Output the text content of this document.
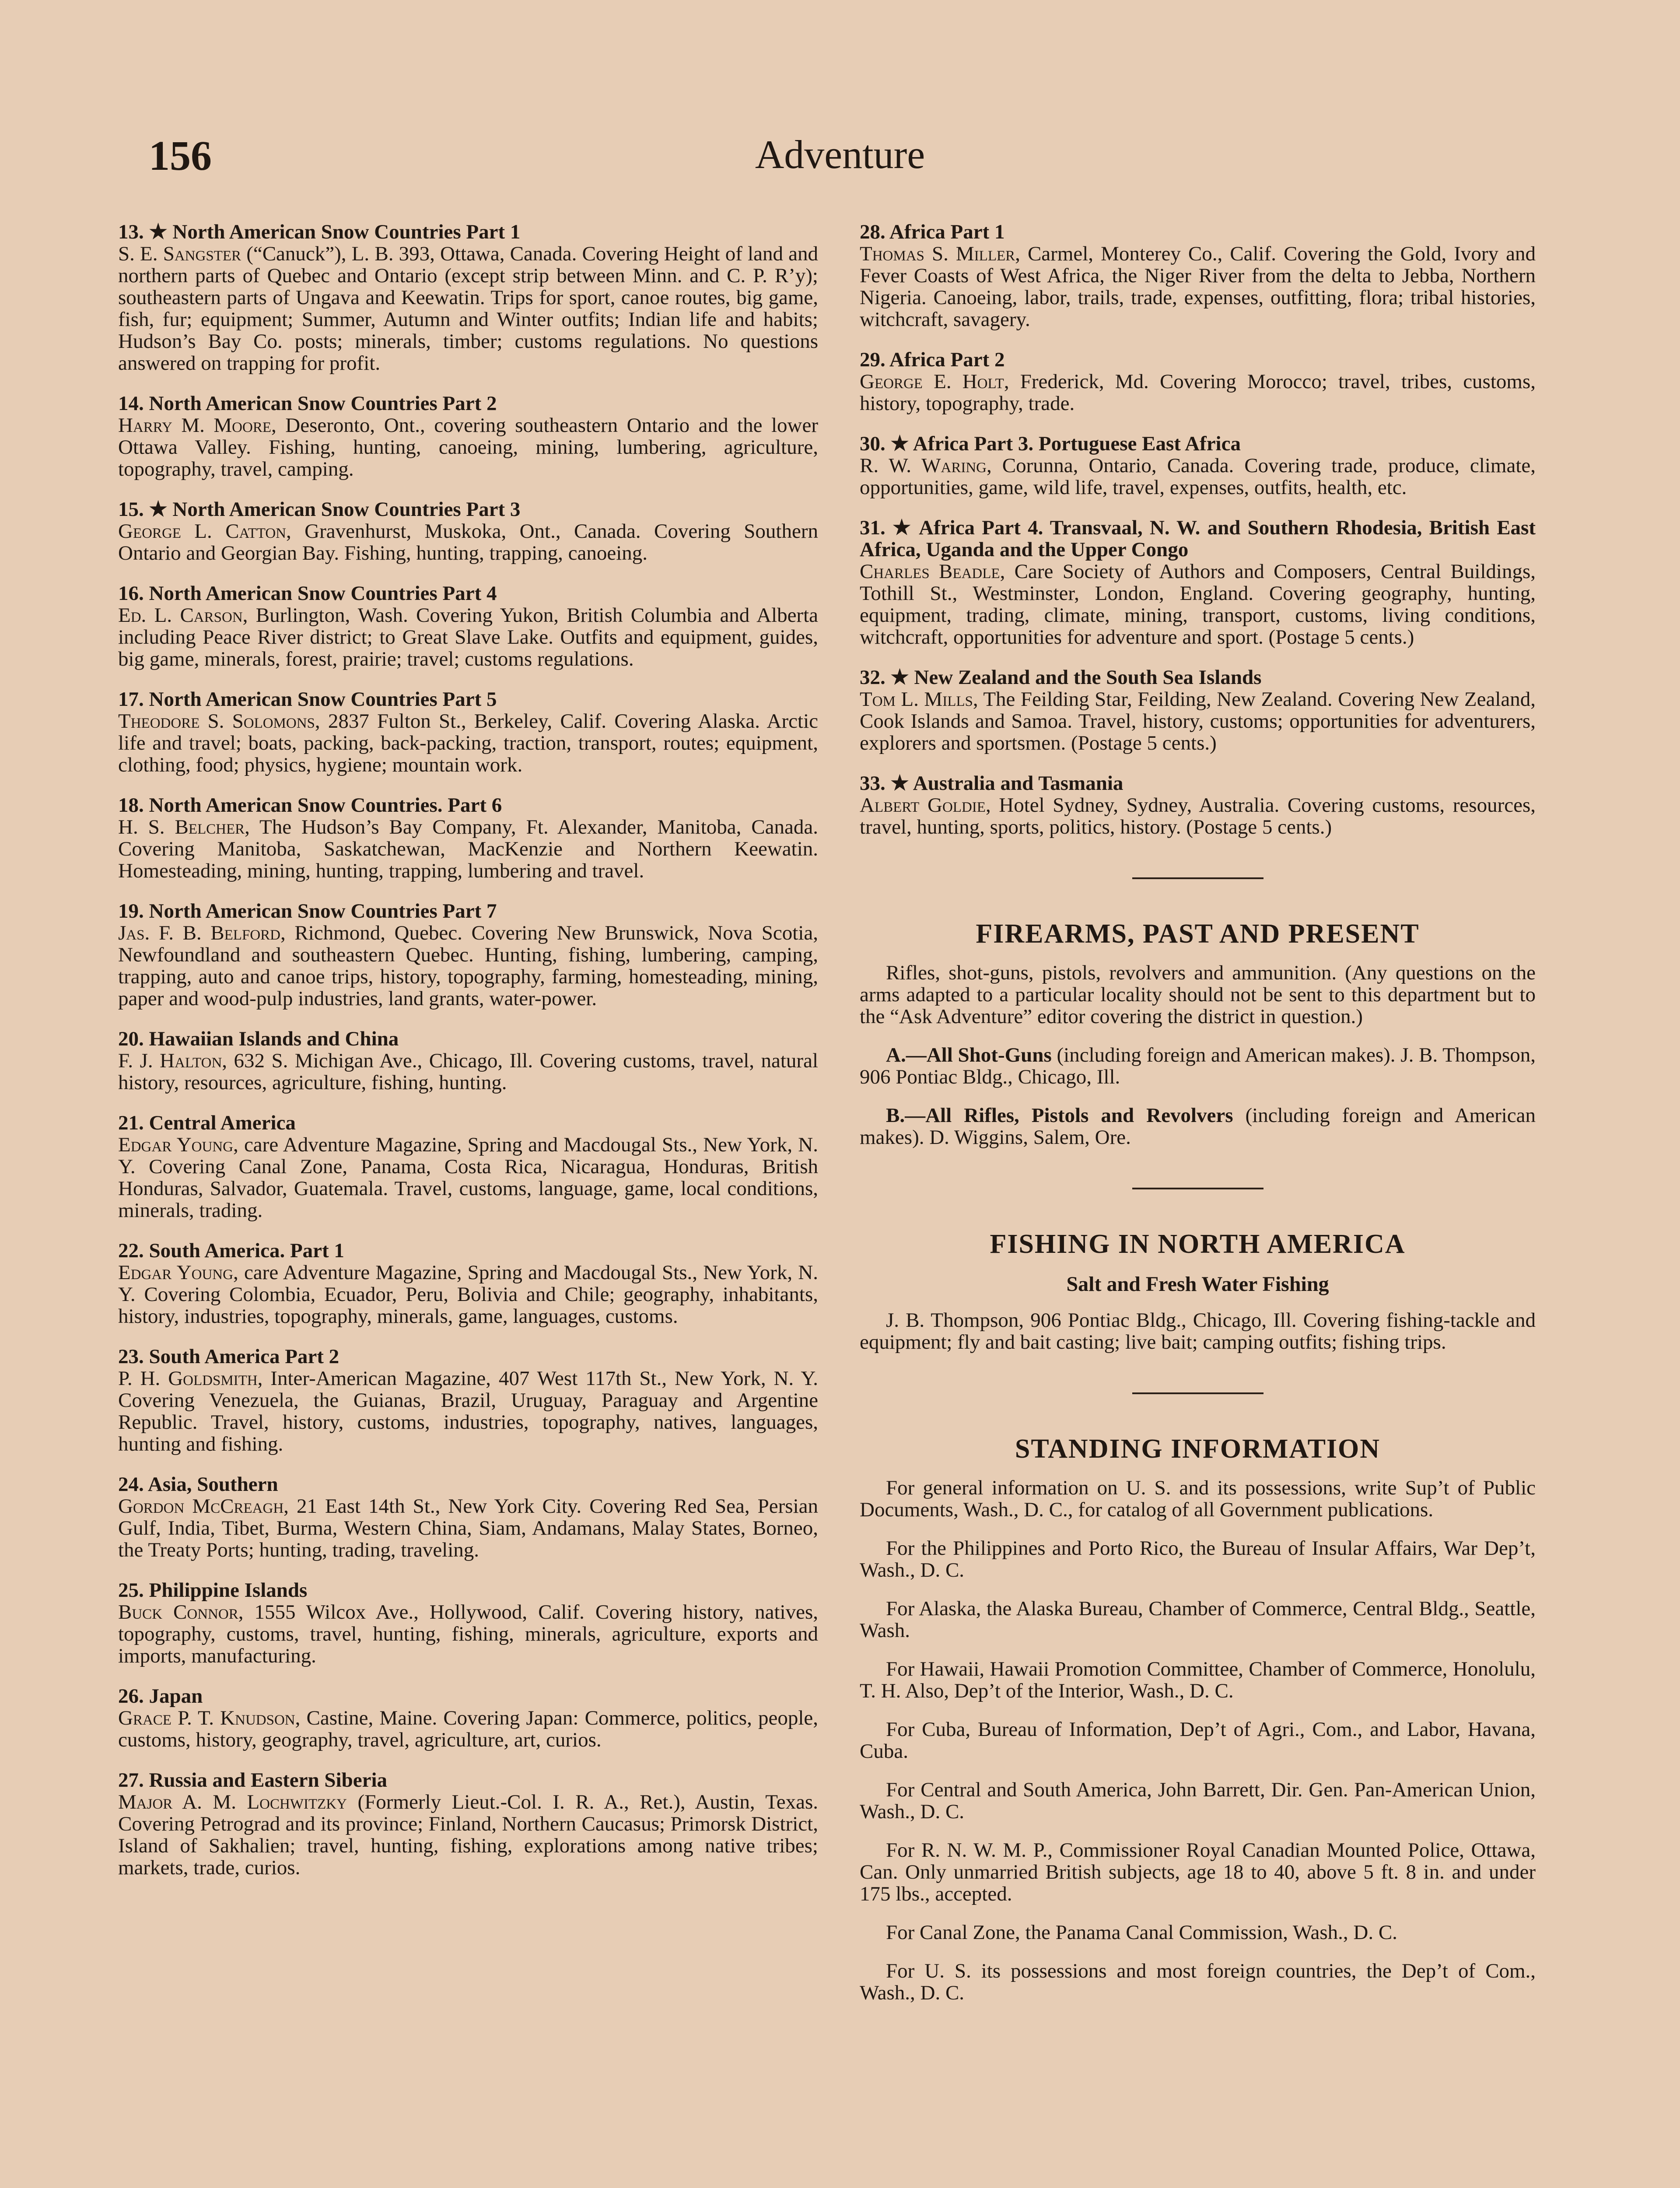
156	Adventure
13. ★ North American Snow Countries Part 1
S. E. Sangster (“Canuck”), L. B. 393, Ottawa, Canada. Covering Height of land and northern parts of Quebec and Ontario (except strip between Minn. and C. P. R’y); southeastern parts of Ungava and Keewatin. Trips for sport, canoe routes, big game, fish, fur; equipment; Summer, Autumn and Winter outfits; Indian life and habits; Hudson’s Bay Co. posts; minerals, timber; customs regulations. No questions answered on trapping for profit.
14. North American Snow Countries Part 2
Harry M. Moore, Deseronto, Ont., covering southeastern Ontario and the lower Ottawa Valley. Fishing, hunting, canoeing, mining, lumbering, agriculture, topography, travel, camping.
15. ★ North American Snow Countries Part 3
George L. Catton, Gravenhurst, Muskoka, Ont., Canada. Covering Southern Ontario and Georgian Bay. Fishing, hunting, trapping, canoeing.
16. North American Snow Countries Part 4
Ed. L. Carson, Burlington, Wash. Covering Yukon, British Columbia and Alberta including Peace River district; to Great Slave Lake. Outfits and equipment, guides, big game, minerals, forest, prairie; travel; customs regulations.
17. North American Snow Countries Part 5
Theodore S. Solomons, 2837 Fulton St., Berkeley, Calif. Covering Alaska. Arctic life and travel; boats, packing, back-packing, traction, transport, routes; equipment, clothing, food; physics, hygiene; mountain work.
18. North American Snow Countries. Part 6
H. S. Belcher, The Hudson’s Bay Company, Ft. Alexander, Manitoba, Canada. Covering Manitoba, Saskatchewan, MacKenzie and Northern Keewatin. Homesteading, mining, hunting, trapping, lumbering and travel.
19. North American Snow Countries Part 7
Jas. F. B. Belford, Richmond, Quebec. Covering New Brunswick, Nova Scotia, Newfoundland and southeastern Quebec. Hunting, fishing, lumbering, camping, trapping, auto and canoe trips, history, topography, farming, homesteading, mining, paper and wood-pulp industries, land grants, water-power.
20. Hawaiian Islands and China
F. J. Halton, 632 S. Michigan Ave., Chicago, Ill. Covering customs, travel, natural history, resources, agriculture, fishing, hunting.
21. Central America
Edgar Young, care Adventure Magazine, Spring and Macdougal Sts., New York, N. Y. Covering Canal Zone, Panama, Costa Rica, Nicaragua, Honduras, British Honduras, Salvador, Guatemala. Travel, customs, language, game, local conditions, minerals, trading.
22. South America. Part 1
Edgar Young, care Adventure Magazine, Spring and Macdougal Sts., New York, N. Y. Covering Colombia, Ecuador, Peru, Bolivia and Chile; geography, inhabitants, history, industries, topography, minerals, game, languages, customs.
23. South America Part 2
P. H. Goldsmith, Inter-American Magazine, 407 West 117th St., New York, N. Y. Covering Venezuela, the Guianas, Brazil, Uruguay, Paraguay and Argentine Republic. Travel, history, customs, industries, topography, natives, languages, hunting and fishing.
24. Asia, Southern
Gordon McCreagh, 21 East 14th St., New York City. Covering Red Sea, Persian Gulf, India, Tibet, Burma, Western China, Siam, Andamans, Malay States, Borneo, the Treaty Ports; hunting, trading, traveling.
25. Philippine Islands
Buck Connor, 1555 Wilcox Ave., Hollywood, Calif. Covering history, natives, topography, customs, travel, hunting, fishing, minerals, agriculture, exports and imports, manufacturing.
26. Japan
Grace P. T. Knudson, Castine, Maine. Covering Japan: Commerce, politics, people, customs, history, geography, travel, agriculture, art, curios.
27. Russia and Eastern Siberia
Major A. M. Lochwitzky (Formerly Lieut.-Col. I. R. A., Ret.), Austin, Texas. Covering Petrograd and its province; Finland, Northern Caucasus; Primorsk District, Island of Sakhalien; travel, hunting, fishing, explorations among native tribes; markets, trade, curios.
28. Africa Part 1
Thomas S. Miller, Carmel, Monterey Co., Calif. Covering the Gold, Ivory and Fever Coasts of West Africa, the Niger River from the delta to Jebba, Northern Nigeria. Canoeing, labor, trails, trade, expenses, outfitting, flora; tribal histories, witchcraft, savagery.
29. Africa Part 2
George E. Holt, Frederick, Md. Covering Morocco; travel, tribes, customs, history, topography, trade.
30. ★ Africa Part 3. Portuguese East Africa
R. W. Waring, Corunna, Ontario, Canada. Covering trade, produce, climate, opportunities, game, wild life, travel, expenses, outfits, health, etc.
31. ★ Africa Part 4. Transvaal, N. W. and Southern Rhodesia, British East Africa, Uganda and the Upper Congo
Charles Beadle, Care Society of Authors and Composers, Central Buildings, Tothill St., Westminster, London, England. Covering geography, hunting, equipment, trading, climate, mining, transport, customs, living conditions, witchcraft, opportunities for adventure and sport. (Postage 5 cents.)
32. ★ New Zealand and the South Sea Islands
Tom L. Mills, The Feilding Star, Feilding, New Zealand. Covering New Zealand, Cook Islands and Samoa. Travel, history, customs; opportunities for adventurers, explorers and sportsmen. (Postage 5 cents.)
33. ★ Australia and Tasmania
Albert Goldie, Hotel Sydney, Sydney, Australia. Covering customs, resources, travel, hunting, sports, politics, history. (Postage 5 cents.)
FIREARMS, PAST AND PRESENT
Rifles, shot-guns, pistols, revolvers and ammunition. (Any questions on the arms adapted to a particular locality should not be sent to this department but to the “Ask Adventure” editor covering the district in question.)
A.—All Shot-Guns (including foreign and American makes). J. B. Thompson, 906 Pontiac Bldg., Chicago, Ill.
B.—All Rifles, Pistols and Revolvers (including foreign and American makes). D. Wiggins, Salem, Ore.
FISHING IN NORTH AMERICA
Salt and Fresh Water Fishing
J. B. Thompson, 906 Pontiac Bldg., Chicago, Ill. Covering fishing-tackle and equipment; fly and bait casting; live bait; camping outfits; fishing trips.
STANDING INFORMATION
For general information on U. S. and its possessions, write Sup’t of Public Documents, Wash., D. C., for catalog of all Government publications.
For the Philippines and Porto Rico, the Bureau of Insular Affairs, War Dep’t, Wash., D. C.
For Alaska, the Alaska Bureau, Chamber of Commerce, Central Bldg., Seattle, Wash.
For Hawaii, Hawaii Promotion Committee, Chamber of Commerce, Honolulu, T. H. Also, Dep’t of the Interior, Wash., D. C.
For Cuba, Bureau of Information, Dep’t of Agri., Com., and Labor, Havana, Cuba.
For Central and South America, John Barrett, Dir. Gen. Pan-American Union, Wash., D. C.
For R. N. W. M. P., Commissioner Royal Canadian Mounted Police, Ottawa, Can. Only unmarried British subjects, age 18 to 40, above 5 ft. 8 in. and under 175 lbs., accepted.
For Canal Zone, the Panama Canal Commission, Wash., D. C.
For U. S. its possessions and most foreign countries, the Dep’t of Com., Wash., D. C.
